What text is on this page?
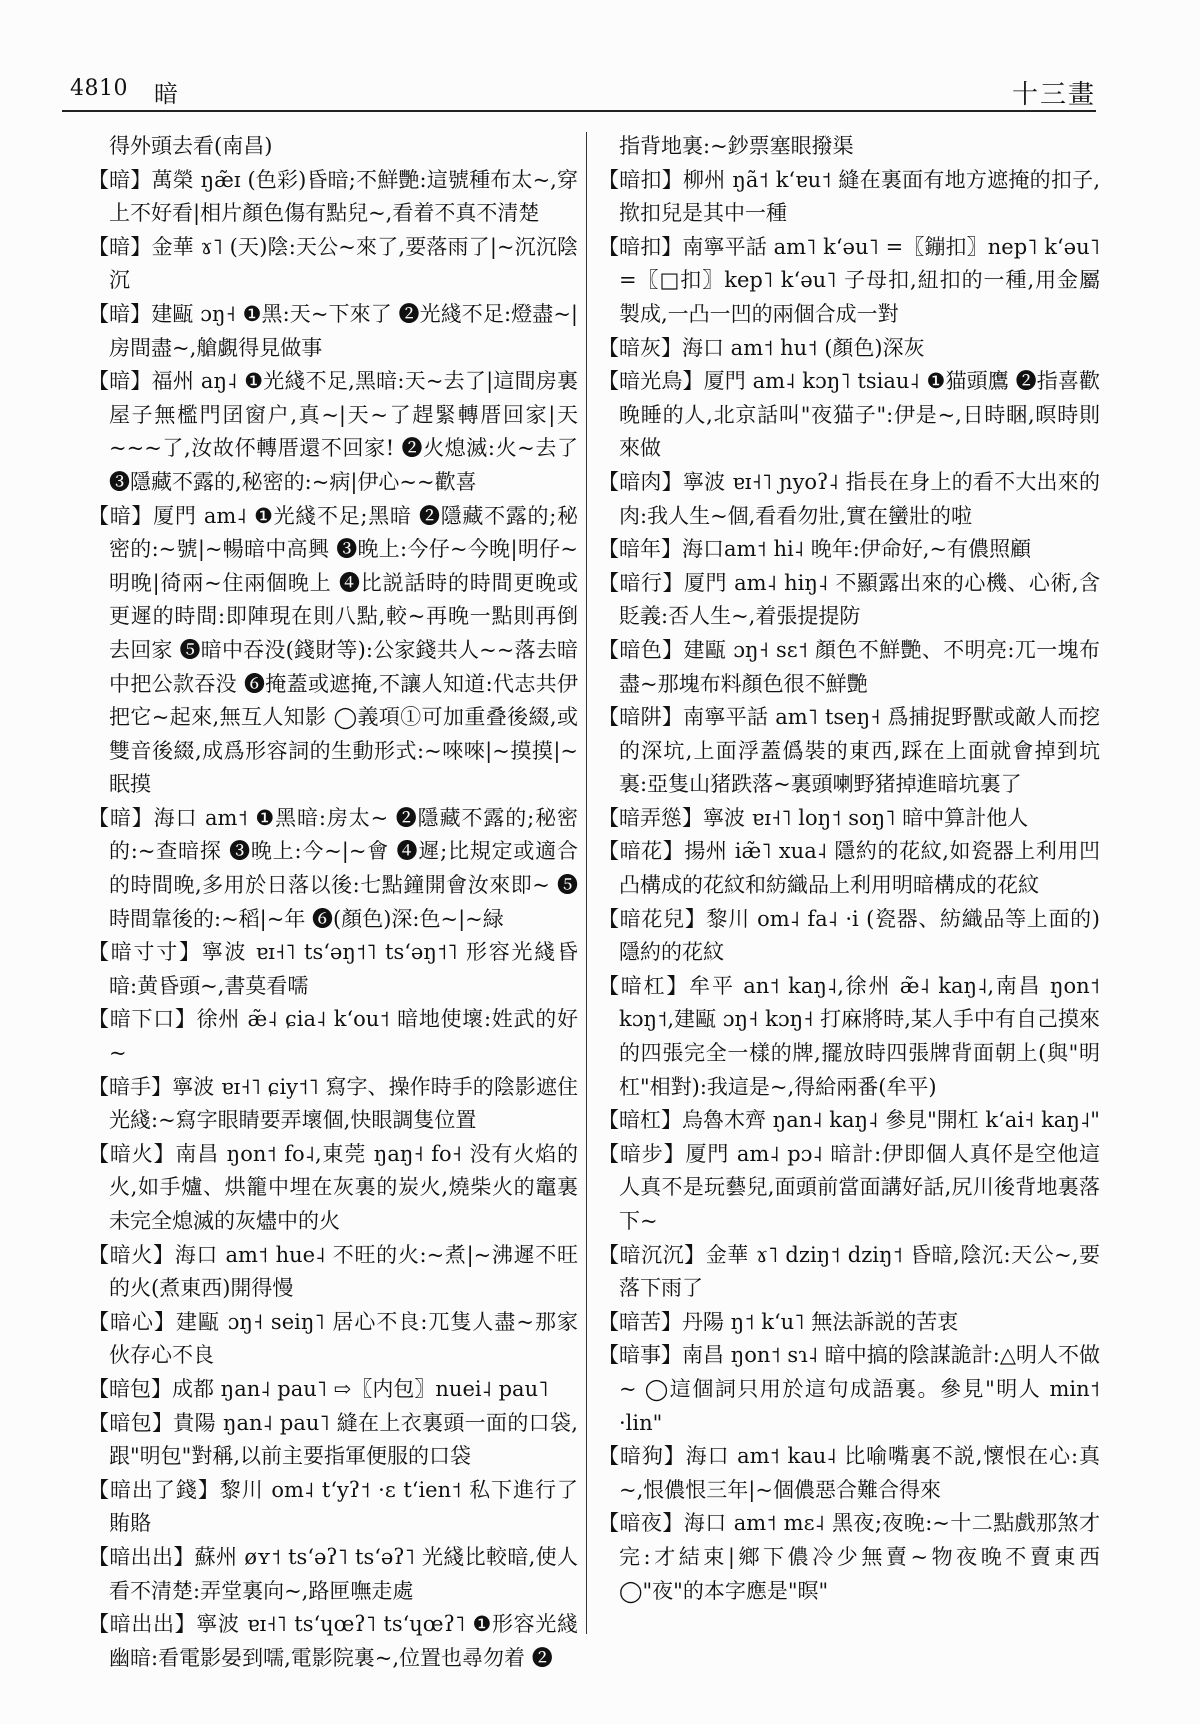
4810 暗	十三畫

得外頭去看(南昌)

【暗】萬榮 ŋæ̃ɪ (色彩)昏暗;不鮮艷:這號種布太~,穿上不好看|相片顏色傷有點兒~,看着不真不清楚

【暗】金華 ɤ˥ (天)陰:天公~來了,要落雨了|~沉沉陰沉

【暗】建甌 ɔŋ˧ ❶黑:天~下來了 ❷光綫不足:燈盡~|房間盡~,艙覷得見做事

【暗】福州 aŋ˨ ❶光綫不足,黑暗:天~去了|這間房裏屋子無檻門囝窗户,真~|天~了趕緊轉厝回家|天~~~了,汝故伓轉厝還不回家! ❷火熄滅:火~去了 ❸隱藏不露的,秘密的:~病|伊心~~歡喜

【暗】厦門 am˨ ❶光綫不足;黑暗 ❷隱藏不露的;秘密的:~號|~暢暗中高興 ❸晚上:今仔~今晚|明仔~明晚|徛兩~住兩個晚上 ❹比説話時的時間更晚或更遲的時間:即陣現在則八點,較~再晚一點則再倒去回家 ❺暗中吞没(錢財等):公家錢共人~~落去暗中把公款吞没 ❻掩蓋或遮掩,不讓人知道:代志共伊把它~起來,無互人知影 ◯義項①可加重叠後綴,或雙音後綴,成爲形容詞的生動形式:~唻唻|~摸摸|~眠摸

【暗】海口 am˦ ❶黑暗:房太~ ❷隱藏不露的;秘密的:~查暗探 ❸晚上:今~|~會 ❹遲;比規定或適合的時間晚,多用於日落以後:七點鐘開會汝來即~ ❺時間靠後的:~稻|~年 ❻(顏色)深:色~|~緑

【暗寸寸】寧波 ɐɪ˧˥ tsʻəŋ˦˥ tsʻəŋ˦˥ 形容光綫昏暗:黄昏頭~,書莫看嚅

【暗下口】徐州 æ̃˨ ɕia˨ kʻou˦ 暗地使壞:姓武的好~

【暗手】寧波 ɐɪ˧˥ ɕiy˦˥ 寫字、操作時手的陰影遮住光綫:~寫字眼睛要弄壞個,快眼調隻位置

【暗火】南昌 ŋon˦ fo˨,東莞 ŋaŋ˧ fo˧ 没有火焰的火,如手爐、烘籠中埋在灰裏的炭火,燒柴火的竈裏未完全熄滅的灰燼中的火

【暗火】海口 am˦ hue˨ 不旺的火:~煮|~沸遲不旺的火(煮東西)開得慢

【暗心】建甌 ɔŋ˧ seiŋ˥ 居心不良:兀隻人盡~那家伙存心不良

【暗包】成都 ŋan˨ pau˥ ⇨〖内包〗nuei˨ pau˥

【暗包】貴陽 ŋan˨ pau˥ 縫在上衣裏頭一面的口袋,跟"明包"對稱,以前主要指軍便服的口袋

【暗出了錢】黎川 om˨ tʻyʔ˦ ·ɛ tʻien˦ 私下進行了賄賂

【暗出出】蘇州 øʏ˦ tsʻəʔ˥ tsʻəʔ˥ 光綫比較暗,使人看不清楚:弄堂裏向~,路匣嘸走處

【暗出出】寧波 ɐɪ˧˥ tsʻɥœʔ˥ tsʻɥœʔ˥ ❶形容光綫幽暗:看電影晏到嚅,電影院裏~,位置也尋勿着 ❷

指背地裏:~鈔票塞眼撥渠

【暗扣】柳州 ŋã˦ kʻɐu˦ 縫在裏面有地方遮掩的扣子,揿扣兒是其中一種

【暗扣】南寧平話 am˥ kʻəu˥ =〖鏰扣〗nep˥ kʻəu˥ =〖□扣〗kep˥ kʻəu˥ 子母扣,紐扣的一種,用金屬製成,一凸一凹的兩個合成一對

【暗灰】海口 am˦ hu˦ (顏色)深灰

【暗光鳥】厦門 am˨ kɔŋ˥ tsiau˨ ❶猫頭鷹 ❷指喜歡晚睡的人,北京話叫"夜猫子":伊是~,日時睏,暝時則來做

【暗肉】寧波 ɐɪ˧˥ ɲyoʔ˨ 指長在身上的看不大出來的肉:我人生~個,看看勿壯,實在蠻壯的啦

【暗年】海口am˦ hi˨ 晚年:伊命好,~有儂照顧

【暗行】厦門 am˨ hiŋ˨ 不顯露出來的心機、心術,含貶義:否人生~,着張提提防

【暗色】建甌 ɔŋ˧ sɛ˦ 顏色不鮮艷、不明亮:兀一塊布盡~那塊布料顏色很不鮮艷

【暗阱】南寧平話 am˥ tseŋ˧ 爲捕捉野獸或敵人而挖的深坑,上面浮蓋僞裝的東西,踩在上面就會掉到坑裏:亞隻山猪跌落~裏頭喇野猪掉進暗坑裏了

【暗弄慫】寧波 ɐɪ˧˥ loŋ˦ soŋ˥ 暗中算計他人

【暗花】揚州 iæ̃˥ xua˨ 隱約的花紋,如瓷器上利用凹凸構成的花紋和紡織品上利用明暗構成的花紋

【暗花兒】黎川 om˨ fa˨ ·i (瓷器、紡織品等上面的)隱約的花紋

【暗杠】牟平 an˦ kaŋ˨,徐州 æ̃˨ kaŋ˨,南昌 ŋon˦ kɔŋ˦,建甌 ɔŋ˧ kɔŋ˧ 打麻將時,某人手中有自己摸來的四張完全一樣的牌,擺放時四張牌背面朝上(與"明杠"相對):我這是~,得給兩番(牟平)

【暗杠】烏魯木齊 ŋan˨ kaŋ˨ 參見"開杠 kʻai˧ kaŋ˨"

【暗步】厦門 am˨ pɔ˨ 暗計:伊即個人真伓是空他這人真不是玩藝兒,面頭前當面講好話,尻川後背地裏落下~

【暗沉沉】金華 ɤ˥ dziŋ˦ dziŋ˦ 昏暗,陰沉:天公~,要落下雨了

【暗苦】丹陽 ŋ˦ kʻu˥ 無法訴説的苦衷

【暗事】南昌 ŋon˦ sɿ˨ 暗中搞的陰謀詭計:△明人不做~ ◯這個詞只用於這句成語裏。參見"明人 min˦ ·lin"

【暗狗】海口 am˦ kau˨ 比喻嘴裏不説,懷恨在心:真~,恨儂恨三年|~個儂惡合難合得來

【暗夜】海口 am˦ mɛ˨ 黑夜;夜晚:~十二點戲那煞才完:才結束|鄉下儂冷少無賣~物夜晚不賣東西 ◯"夜"的本字應是"暝"
